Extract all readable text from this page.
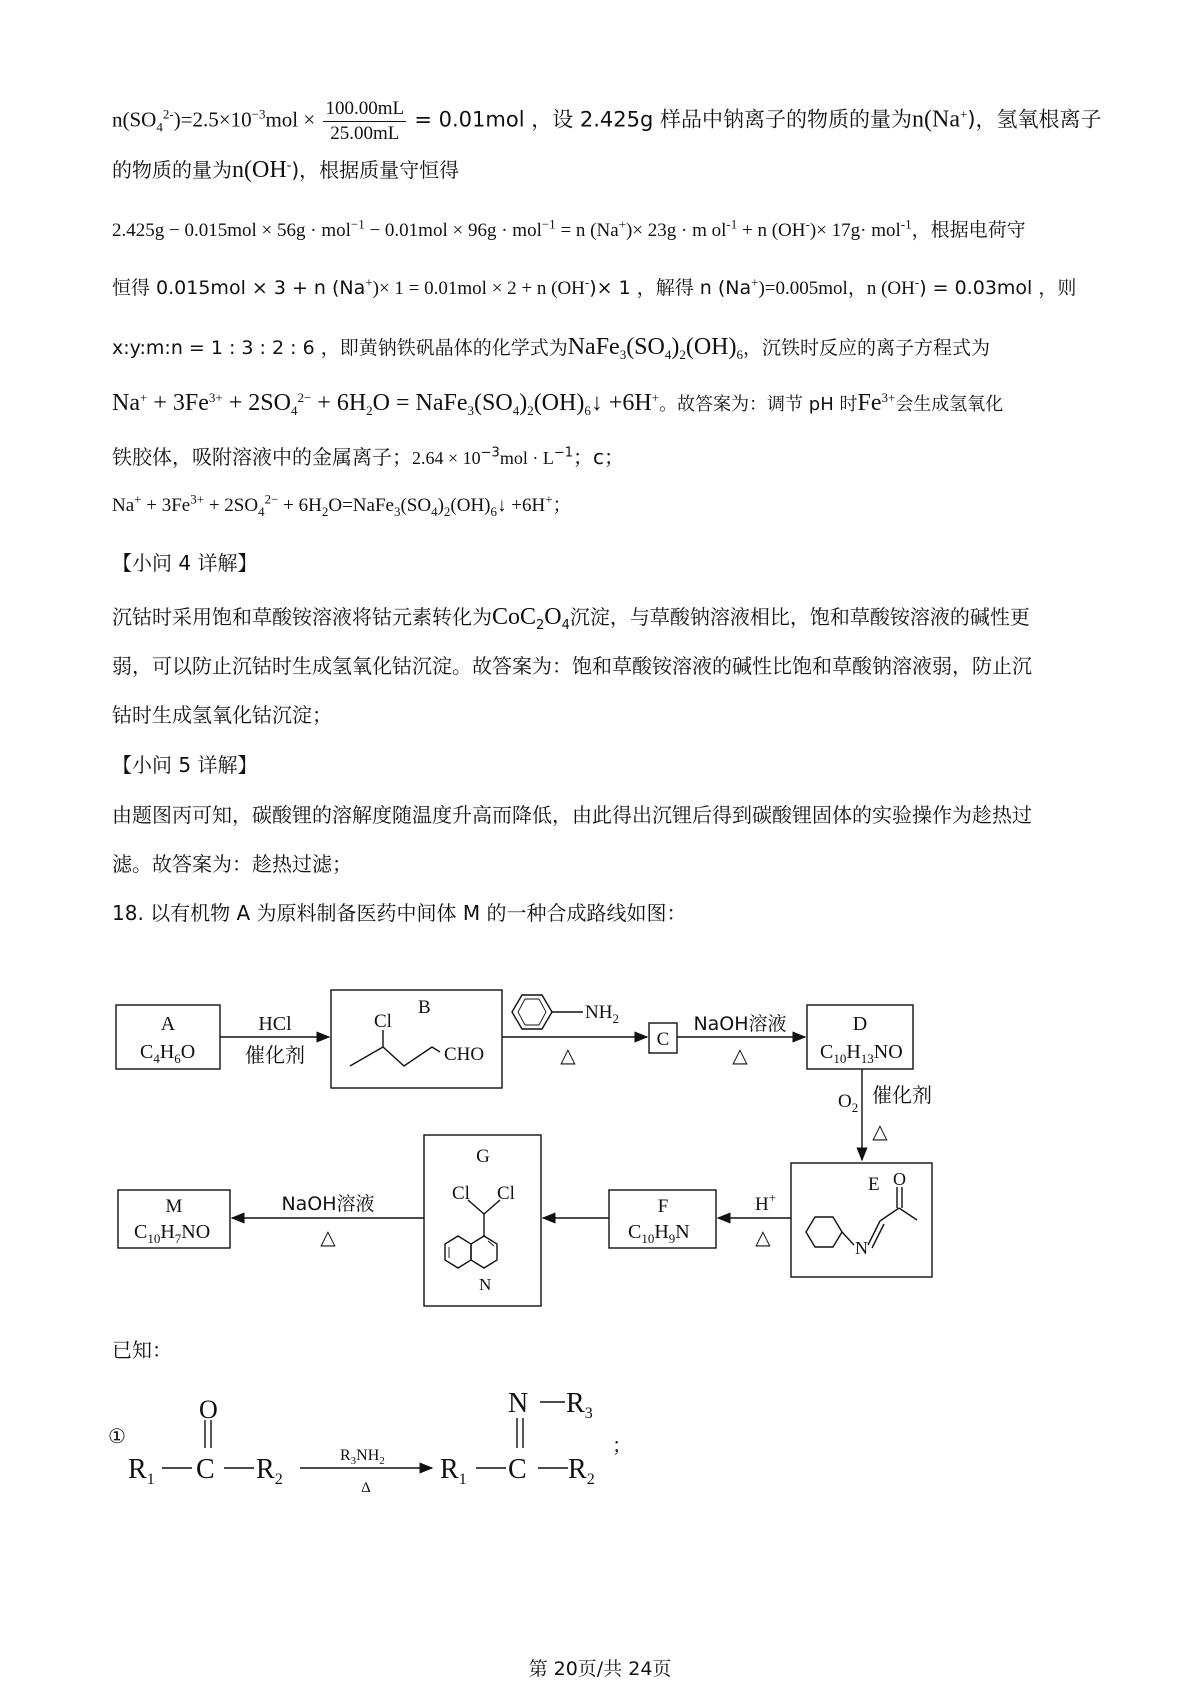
$n(SO_4^{2-})=2.5\times 10^{-3}mol \times \frac{100.00mL}{25.00mL} = 0.01mol$ ，设 2.425g 样品中钠离子的物质的量为n(Na+)，氢氧根离子
的物质的量为n(OH-)，根据质量守恒得
2.425g − 0.015mol × 56g · mol$^{-1}$ − 0.01mol × 96g · mol$^{-1}$ = n (Na+)× 23g · m $ol^{-1} + n$ (OH-)× 17g· mol$^{-1}$，根据电荷守
恒得 0.015mol × 3 + n (Na+)× 1 = 0.01mol × 2 + n (OH-)× 1 ，解得 n (Na+)=0.005mol，n (OH-) = 0.03mol ，则
x:y:m:n = 1 : 3 : 2 : 6 ，即黄钠铁矾晶体的化学式为$NaFe_3(SO_4)_2(OH)_6$，沉铁时反应的离子方程式为
$Na^+ + 3Fe^{3+} + 2SO_4^{2-} + 6H_2O$ = $NaFe_3(SO_4)_2(OH)_6↓ +6H^+$。故答案为：调节 pH 时$Fe^{3+}$会生成氢氧化
铁胶体，吸附溶液中的金属离子；$2.64 \times 10^{-3}mol \cdot L^{-1}$；c；
$Na^+ + 3Fe^{3+} + 2SO_4^{2-}$ + $6H_2O=NaFe_3(SO_4)_2(OH)_6↓ +6H^+$；
【小问 4 详解】
沉钴时采用饱和草酸铵溶液将钴元素转化为$CoC_2O_4$沉淀，与草酸钠溶液相比，饱和草酸铵溶液的碱性更
弱，可以防止沉钴时生成氢氧化钴沉淀。故答案为：饱和草酸铵溶液的碱性比饱和草酸钠溶液弱，防止沉
钴时生成氢氧化钴沉淀；
【小问 5 详解】
由题图丙可知，碳酸锂的溶解度随温度升高而降低，由此得出沉锂后得到碳酸锂固体的实验操作为趁热过
滤。故答案为：趁热过滤；
18. 以有机物 A 为原料制备医药中间体 M 的一种合成路线如图：
A
$C_4H_6O$
HCl
催化剂
B
Cl
CHO
$NH_2$
△
C
NaOH溶液
△
D
$C_{10}H_{13}NO$
$O_2$
催化剂
△
E O
N
H+
△
F
$C_{10}H_9N$
G
Cl Cl
N
NaOH溶液
△
M
$C_{10}H_7NO$
①
O
$R_1$ C $R_2$
$R_3NH_2$
Δ
$R_1$ C $R_2$
N $R_3$
；
已知：
第 20页/共 24页
